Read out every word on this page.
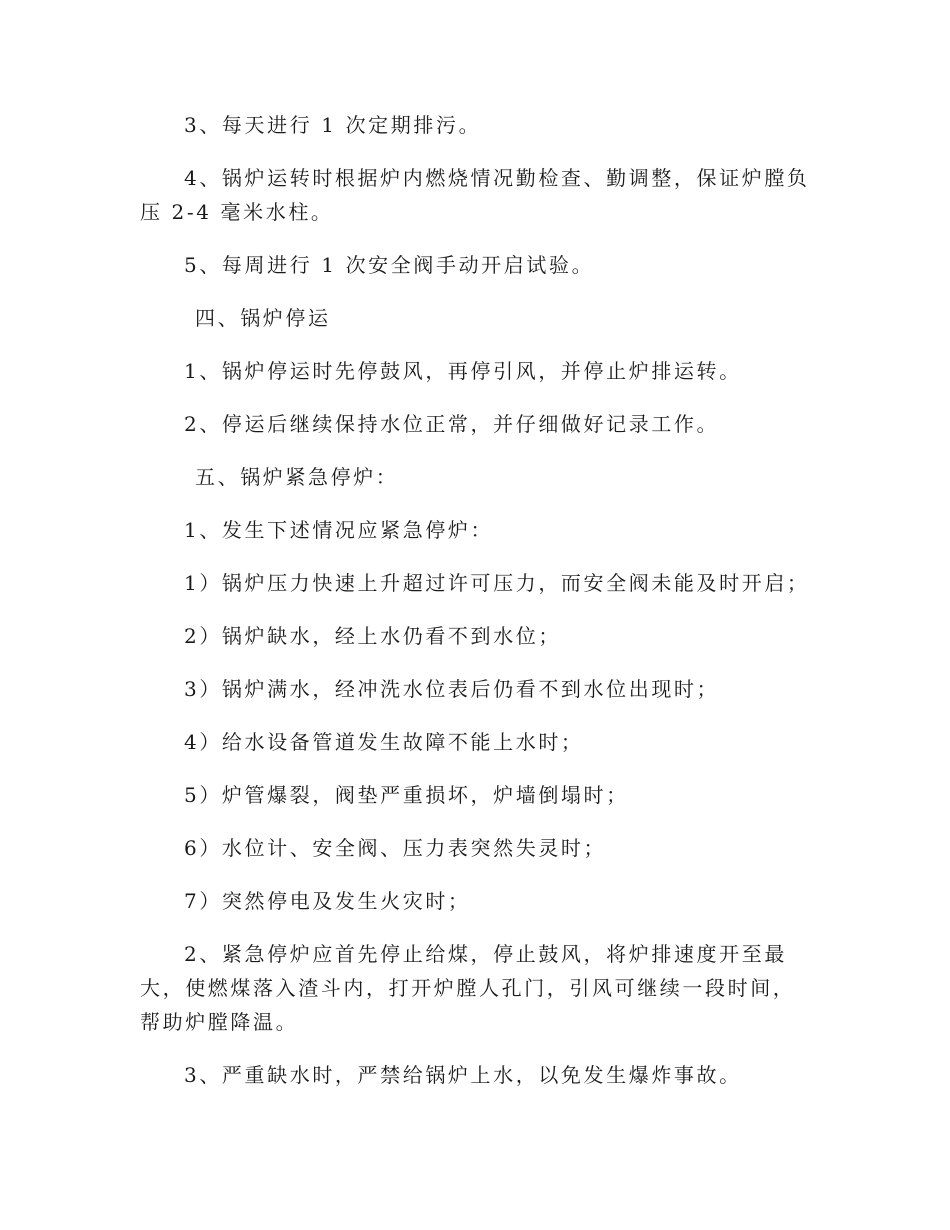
3、每天进行 1 次定期排污。

4、锅炉运转时根据炉内燃烧情况勤检查、勤调整，保证炉膛负压 2-4 毫米水柱。

5、每周进行 1 次安全阀手动开启试验。

四、锅炉停运

1、锅炉停运时先停鼓风，再停引风，并停止炉排运转。

2、停运后继续保持水位正常，并仔细做好记录工作。

五、锅炉紧急停炉：

1、发生下述情况应紧急停炉：

1）锅炉压力快速上升超过许可压力，而安全阀未能及时开启；

2）锅炉缺水，经上水仍看不到水位；

3）锅炉满水，经冲洗水位表后仍看不到水位出现时；

4）给水设备管道发生故障不能上水时；

5）炉管爆裂，阀垫严重损坏，炉墙倒塌时；

6）水位计、安全阀、压力表突然失灵时；

7）突然停电及发生火灾时；

2、紧急停炉应首先停止给煤，停止鼓风，将炉排速度开至最大，使燃煤落入渣斗内，打开炉膛人孔门，引风可继续一段时间，帮助炉膛降温。

3、严重缺水时，严禁给锅炉上水，以免发生爆炸事故。
